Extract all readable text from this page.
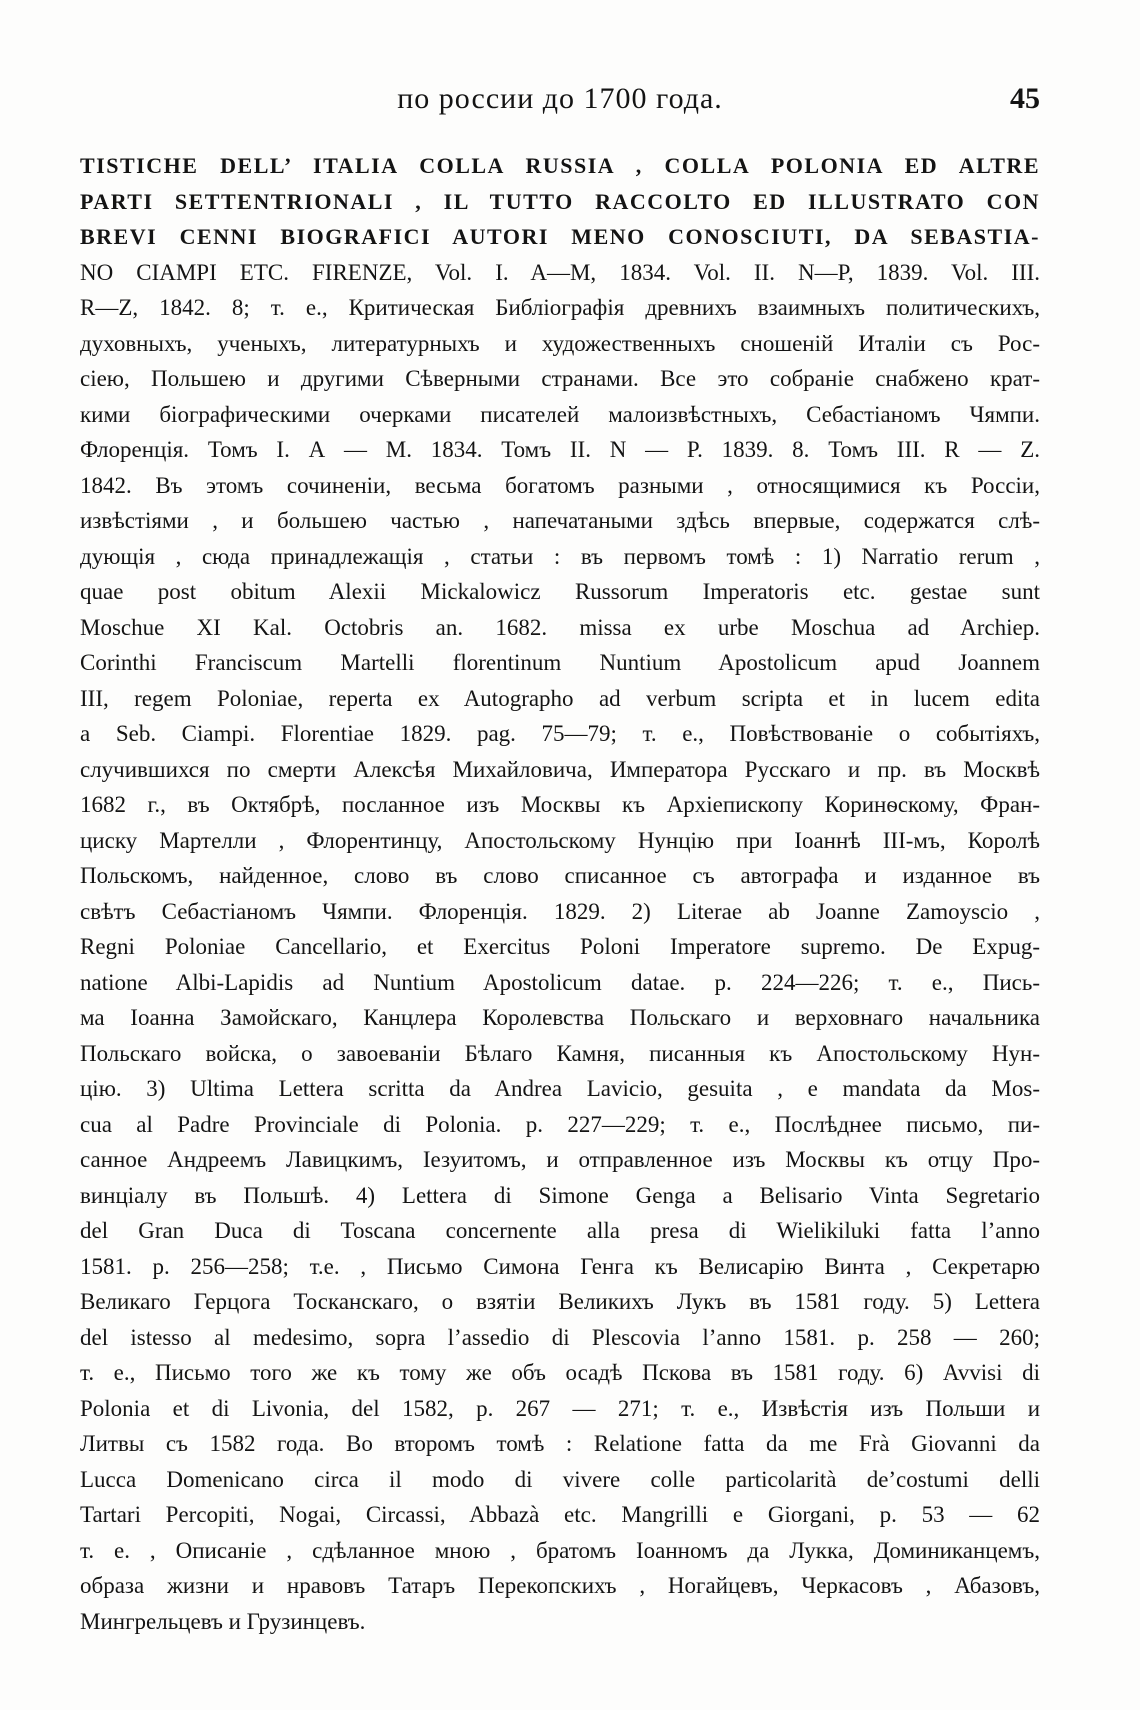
по россии до 1700 года.	45
TISTICHE DELL’ ITALIA COLLA RUSSIA , COLLA POLONIA ED ALTRE
PARTI SETTENTRIONALI , IL TUTTO RACCOLTO ED ILLUSTRATO CON
BREVI CENNI BIOGRAFICI AUTORI MENO CONOSCIUTI, DA SEBASTIA-
NO CIAMPI ETC. FIRENZE, Vol. I. A—M, 1834. Vol. II. N—P, 1839. Vol. III.
R—Z, 1842. 8; т. е., Критическая Библіографія древнихъ взаимныхъ политическихъ,
духовныхъ, ученыхъ, литературныхъ и художественныхъ сношеній Италіи съ Рос-
сіею, Польшею и другими Сѣверными странами. Все это собраніе снабжено крат-
кими біографическими очерками писателей малоизвѣстныхъ, Себастіаномъ Чямпи.
Флоренція. Томъ I. А — М. 1834. Томъ II. N — P. 1839. 8. Томъ III. R — Z.
1842. Въ этомъ сочиненіи, весьма богатомъ разными , относящимися къ Россіи,
извѣстіями , и большею частью , напечатаными здѣсь впервые, содержатся слѣ-
дующія , сюда принадлежащія , статьи : въ первомъ томѣ : 1) Narratio rerum ,
quae post obitum Alexii Mickalowicz Russorum Imperatoris etc. gestae sunt
Moschue XI Kal. Octobris an. 1682. missa ex urbe Moschua ad Archiep.
Corinthi Franciscum Martelli florentinum Nuntium Apostolicum apud Joannem
III, regem Poloniae, reperta ex Autographo ad verbum scripta et in lucem edita
a Seb. Ciampi. Florentiae 1829. pag. 75—79; т. е., Повѣствованіе о событіяхъ,
случившихся по смерти Алексѣя Михайловича, Императора Русскаго и пр. въ Москвѣ
1682 г., въ Октябрѣ, посланное изъ Москвы къ Архіепископу Коринѳскому, Фран-
циску Мартелли , Флорентинцу, Апостольскому Нунцію при Іоаннѣ III-мъ, Королѣ
Польскомъ, найденное, слово въ слово списанное съ автографа и изданное въ
свѣтъ Себастіаномъ Чямпи. Флоренція. 1829. 2) Literae ab Joanne Zamoyscio ,
Regni Poloniae Cancellario, et Exercitus Poloni Imperatore supremo. De Expug-
natione Albi-Lapidis ad Nuntium Apostolicum datae. p. 224—226; т. е., Пись-
ма Іоанна Замойскаго, Канцлера Королевства Польскаго и верховнаго начальника
Польскаго войска, о завоеваніи Бѣлаго Камня, писанныя къ Апостольскому Нун-
цію. 3) Ultima Lettera scritta da Andrea Lavicio, gesuita , e mandata da Mos-
cua al Padre Provinciale di Polonia. p. 227—229; т. е., Послѣднее письмо, пи-
санное Андреемъ Лавицкимъ, Іезуитомъ, и отправленное изъ Москвы къ отцу Про-
винціалу въ Польшѣ. 4) Lettera di Simone Genga a Belisario Vinta Segretario
del Gran Duca di Toscana concernente alla presa di Wielikiluki fatta l’anno
1581. p. 256—258; т.е. , Письмо Симона Генга къ Велисарію Винта , Секретарю
Великаго Герцога Тосканскаго, о взятіи Великихъ Лукъ въ 1581 году. 5) Lettera
del istesso al medesimo, sopra l’assedio di Plescovia l’anno 1581. p. 258 — 260;
т. е., Письмо того же къ тому же объ осадѣ Пскова въ 1581 году. 6) Avvisi di
Polonia et di Livonia, del 1582, p. 267 — 271; т. е., Извѣстія изъ Польши и
Литвы съ 1582 года. Во второмъ томѣ : Relatione fatta da me Frà Giovanni da
Lucca Domenicano circa il modo di vivere colle particolarità de’costumi delli
Tartari Percopiti, Nogai, Circassi, Abbazà etc. Mangrilli e Giorgani, p. 53 — 62
т. е. , Описаніе , сдѣланное мною , братомъ Іоанномъ да Лукка, Доминиканцемъ,
образа жизни и нравовъ Татаръ Перекопскихъ , Ногайцевъ, Черкасовъ , Абазовъ,
Мингрельцевъ и Грузинцевъ.
